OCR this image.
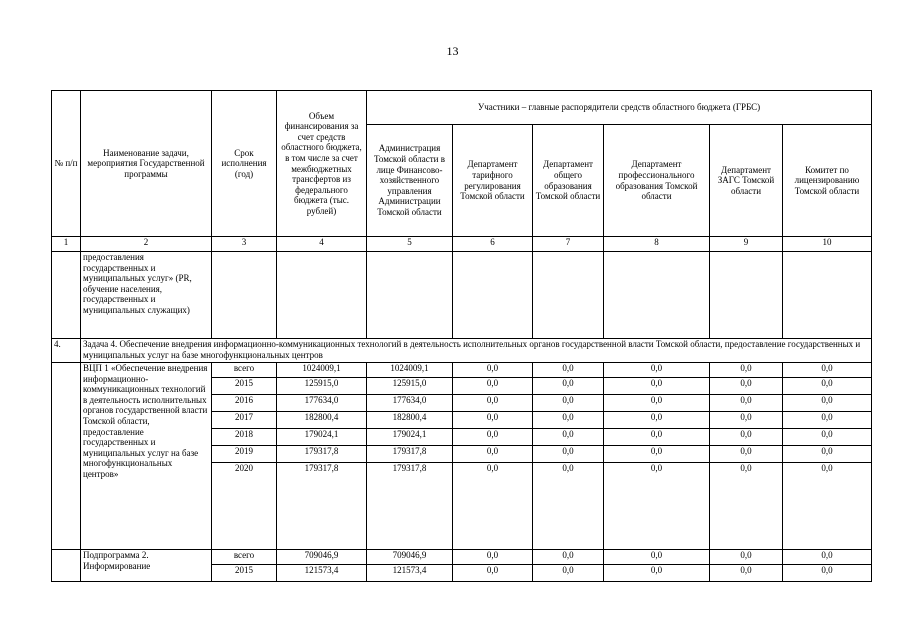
13
№ п/п	Наименование задачи, мероприятия Государственной программы	Срок исполнения (год)	Объем финансирования за счет средств областного бюджета, в том числе за счет межбюджетных трансфертов из федерального бюджета (тыс. рублей)	Участники – главные распорядители средств областного бюджета (ГРБС)					
				Администрация Томской области в лице Финансово-хозяйственного управления Администрации Томской области	Департамент тарифного регулирования Томской области	Департамент общего образования Томской области	Департамент профессионального образования Томской области	Департамент ЗАГС Томской области	Комитет по лицензированию Томской области
1	2	3	4	5	6	7	8	9	10
	предоставления государственных и муниципальных услуг» (PR, обучение населения, государственных и муниципальных служащих)								
4.	Задача 4. Обеспечение внедрения информационно-коммуникационных технологий в деятельность исполнительных органов государственной власти Томской области, предоставление государственных и муниципальных услуг на базе многофункциональных центров								
	ВЦП 1 «Обеспечение внедрения информационно-коммуникационных технологий в деятельность исполнительных органов государственной власти Томской области, предоставление государственных и муниципальных услуг на базе многофункциональных центров»	всего	1024009,1	1024009,1	0,0	0,0	0,0	0,0	0,0
		2015	125915,0	125915,0	0,0	0,0	0,0	0,0	0,0
		2016	177634,0	177634,0	0,0	0,0	0,0	0,0	0,0
		2017	182800,4	182800,4	0,0	0,0	0,0	0,0	0,0
		2018	179024,1	179024,1	0,0	0,0	0,0	0,0	0,0
		2019	179317,8	179317,8	0,0	0,0	0,0	0,0	0,0
		2020	179317,8	179317,8	0,0	0,0	0,0	0,0	0,0
	Подпрограмма 2. Информирование	всего	709046,9	709046,9	0,0	0,0	0,0	0,0	0,0
		2015	121573,4	121573,4	0,0	0,0	0,0	0,0	0,0
